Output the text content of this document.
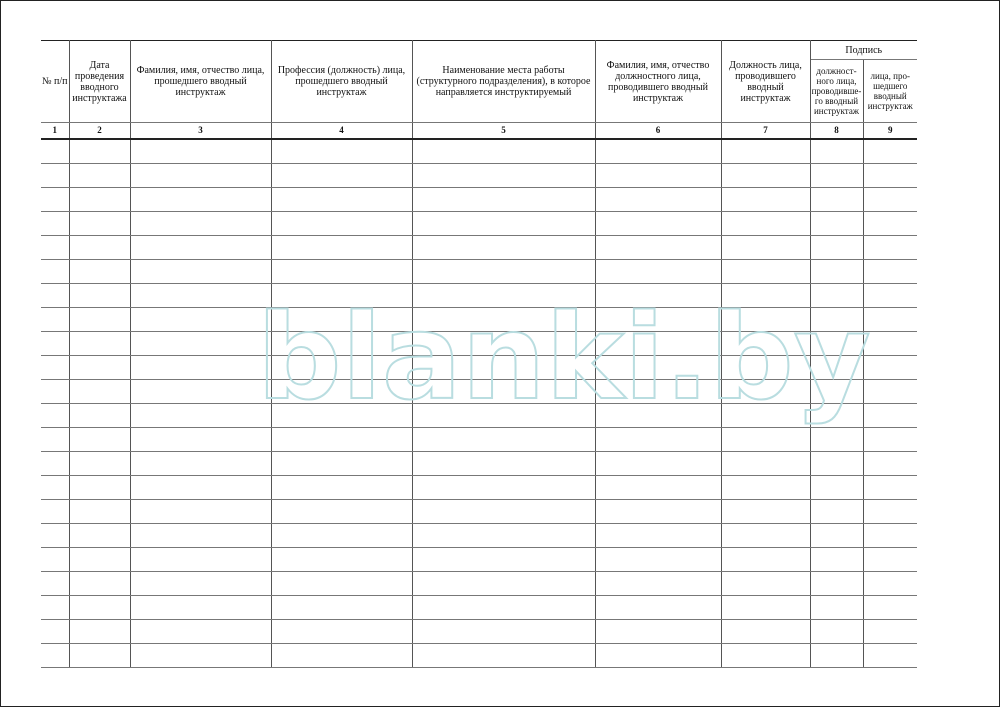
№ п/п	Дата проведения вводного инструктажа	Фамилия, имя, отчество лица, прошедшего вводный инструктаж	Профессия (должность) лица, прошедшего вводный инструктаж	Наименование места работы (структурного подразделения), в которое направляется инструктируемый	Фамилия, имя, отчество должностного лица, проводившего вводный инструктаж	Должность лица, проводившего вводный инструктаж	Подпись	
							должностного лица, проводившего вводный инструктаж	лица, прошедшего вводный инструктаж
1	2	3	4	5	6	7	8	9

blanki.by
